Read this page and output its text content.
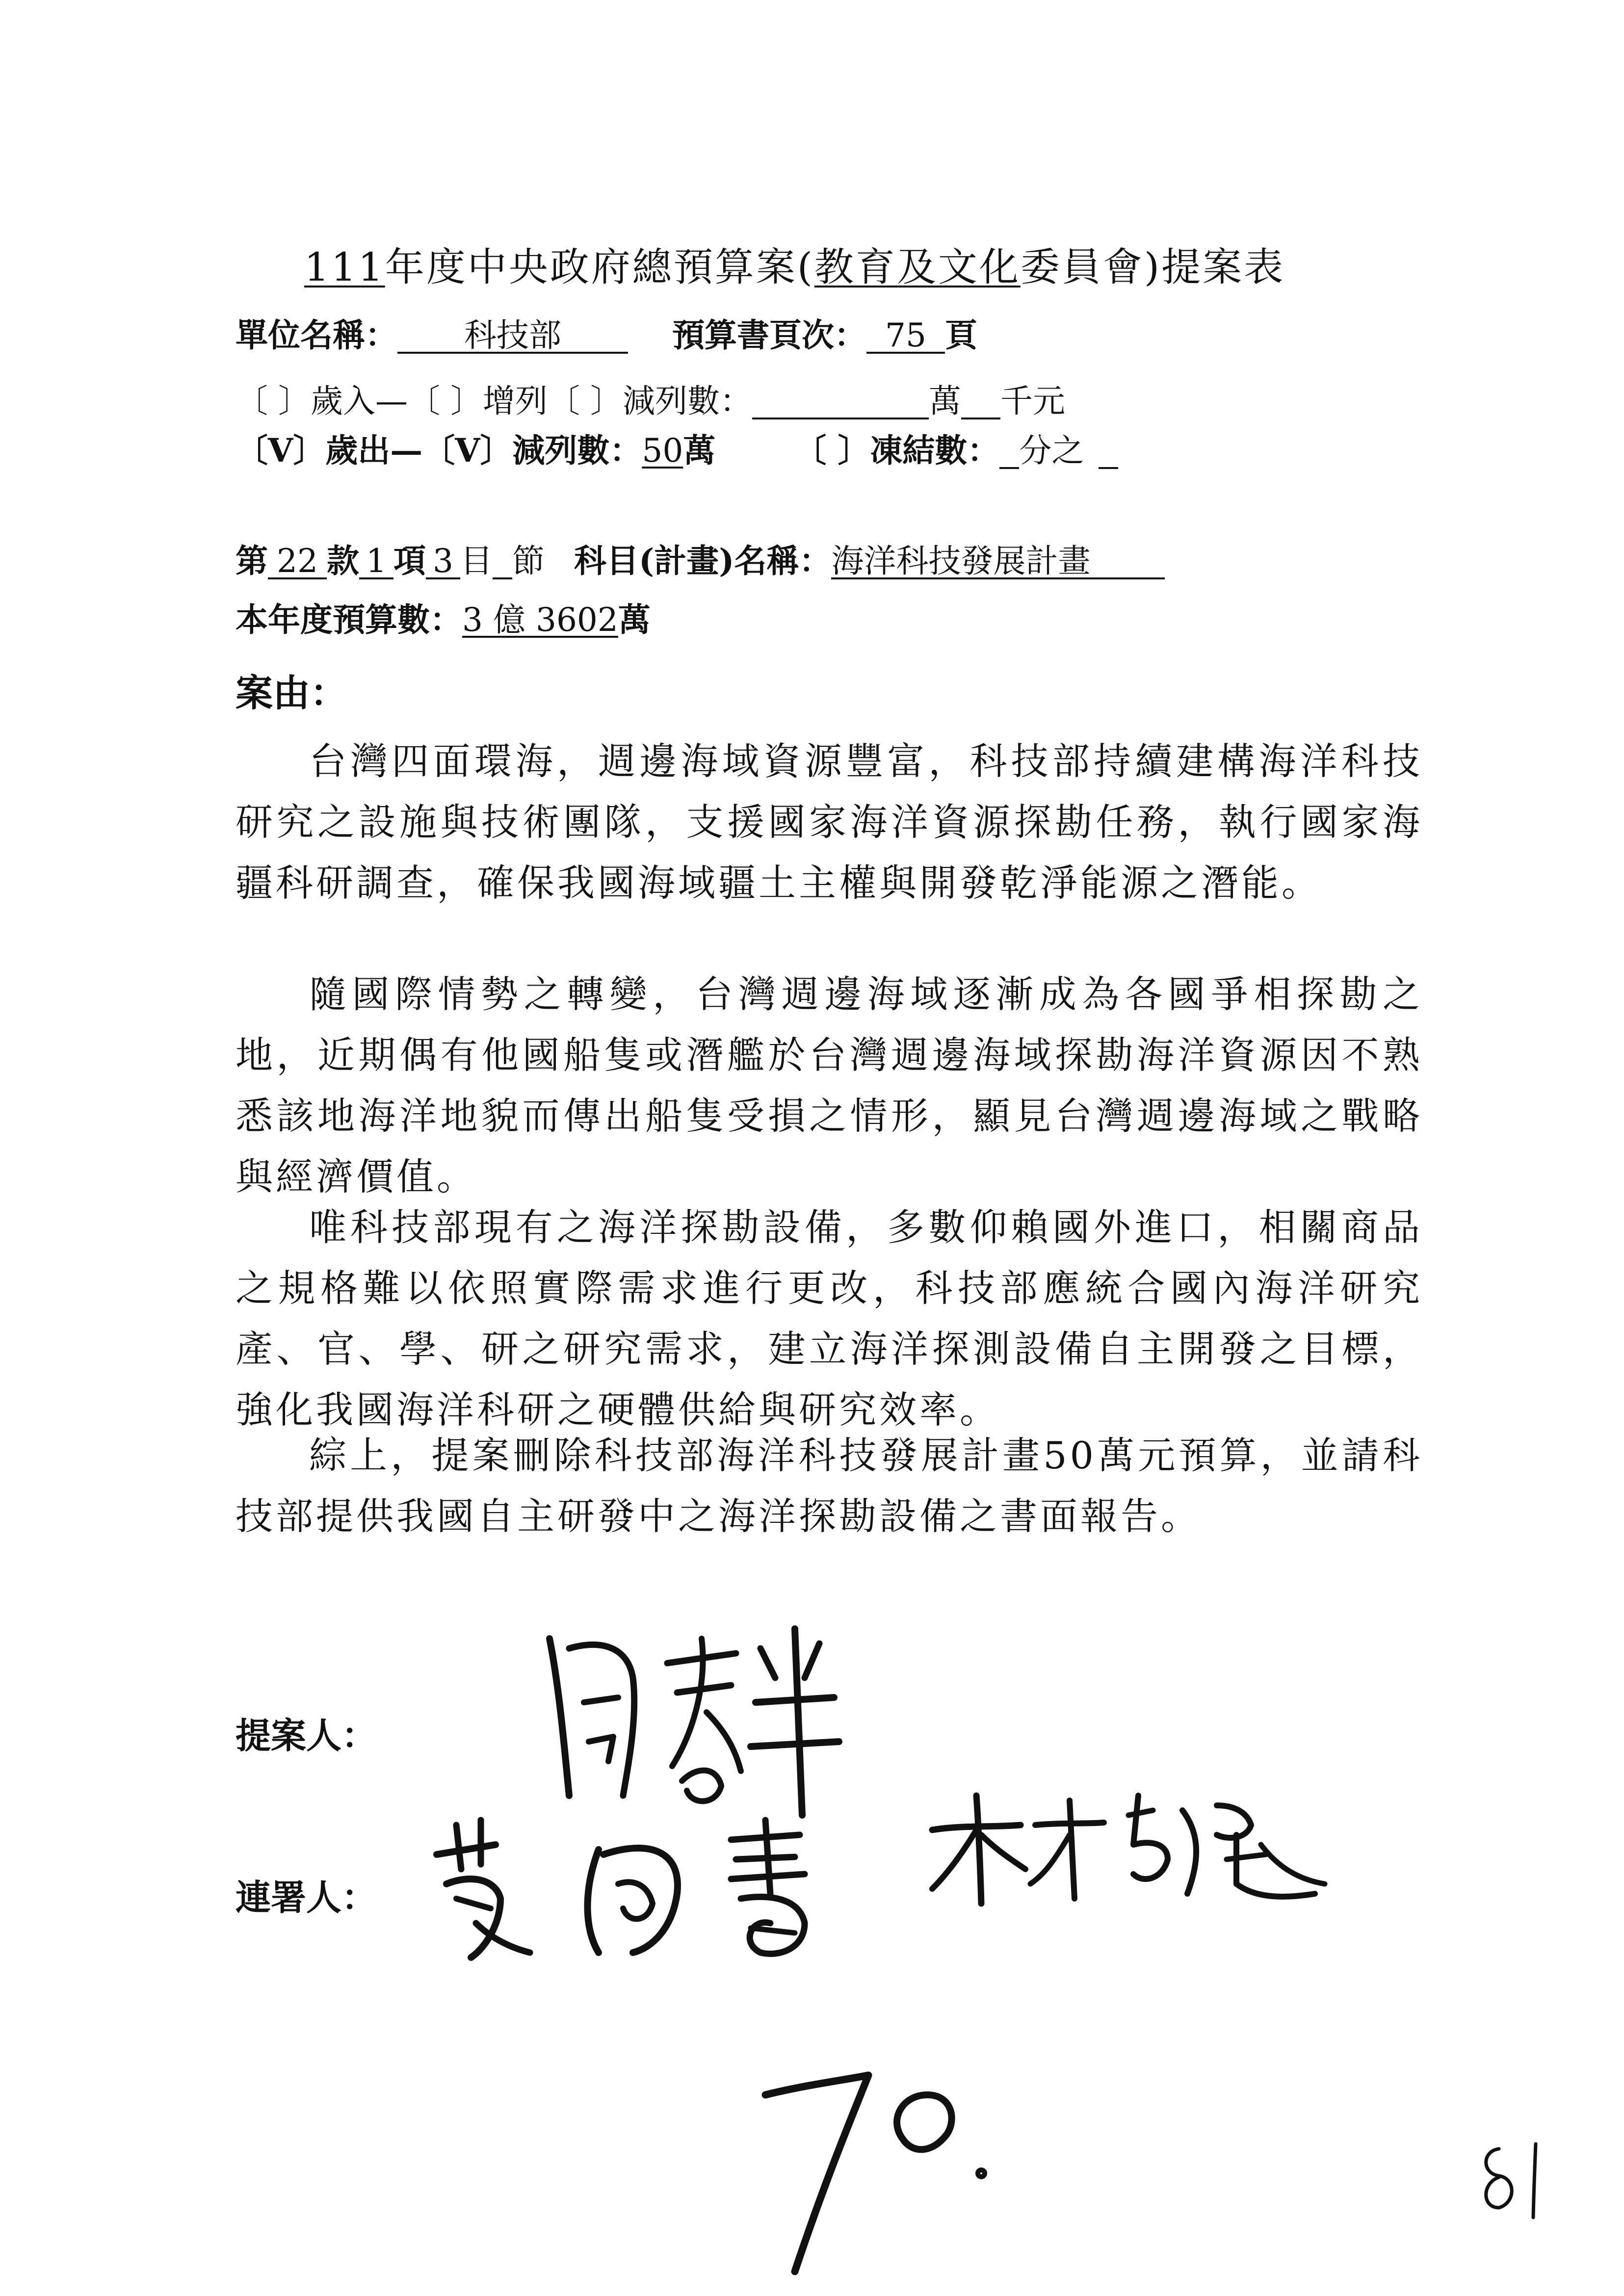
111年度中央政府總預算案(教育及文化委員會)提案表
單位名稱： 科技部	預算書頁次： 75 頁
〔 〕歲入—〔 〕增列〔 〕減列數：	萬 千元
〔V〕歲出—〔V〕減列數：50萬 〔 〕凍結數： 分之
第 22 款 1 項 3 目 節 科目(計畫)名稱：海洋科技發展計畫
本年度預算數：3 億 3602萬
案由：
台灣四面環海，週邊海域資源豐富，科技部持續建構海洋科技研究之設施與技術團隊，支援國家海洋資源探勘任務，執行國家海疆科研調查，確保我國海域疆土主權與開發乾淨能源之潛能。
隨國際情勢之轉變，台灣週邊海域逐漸成為各國爭相探勘之地，近期偶有他國船隻或潛艦於台灣週邊海域探勘海洋資源因不熟悉該地海洋地貌而傳出船隻受損之情形，顯見台灣週邊海域之戰略與經濟價值。
唯科技部現有之海洋探勘設備，多數仰賴國外進口，相關商品之規格難以依照實際需求進行更改，科技部應統合國內海洋研究產、官、學、研之研究需求，建立海洋探測設備自主開發之目標，強化我國海洋科研之硬體供給與研究效率。
綜上，提案刪除科技部海洋科技發展計畫50萬元預算，並請科技部提供我國自主研發中之海洋探勘設備之書面報告。
提案人：
連署人：
70.
81
